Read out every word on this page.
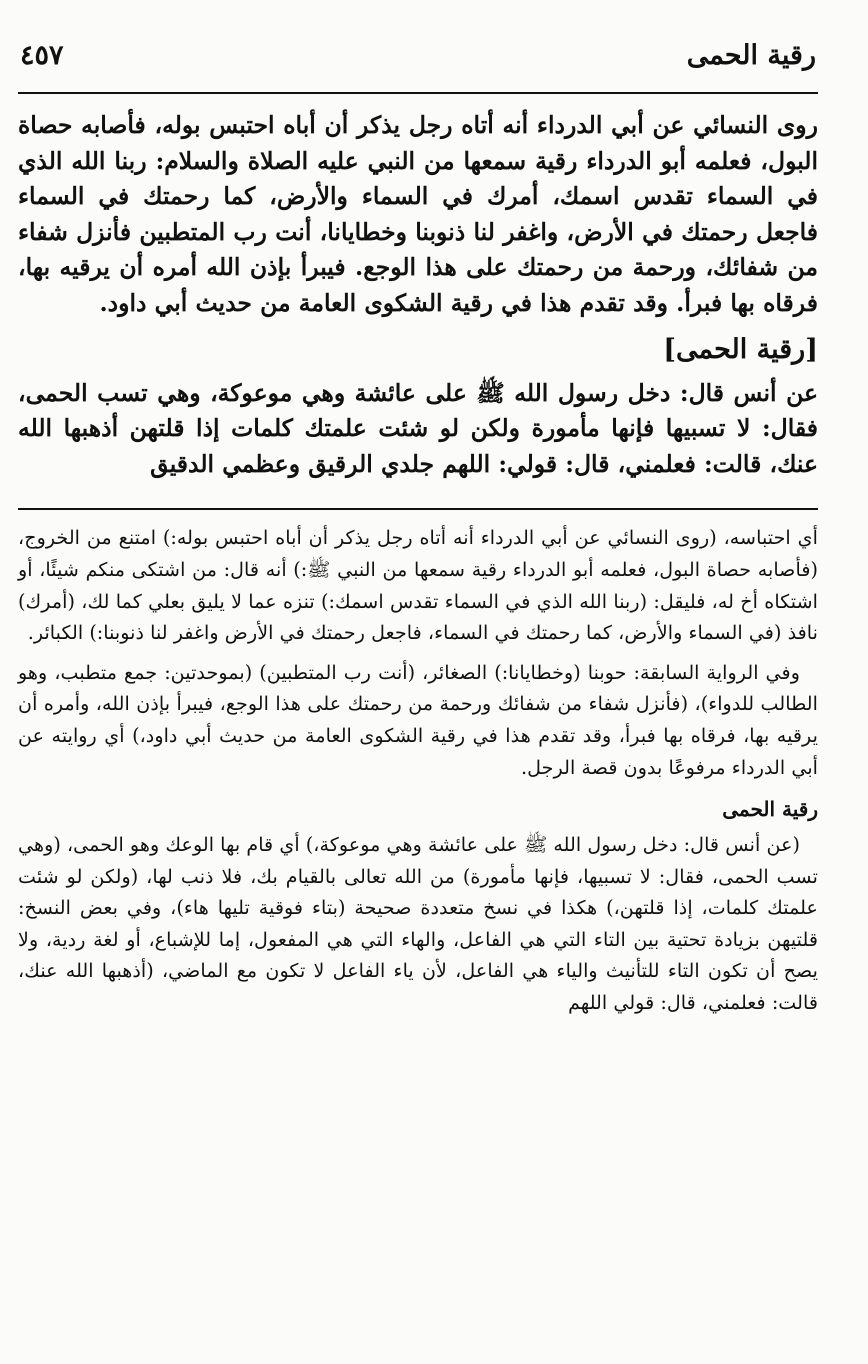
رقية الحمى
٤٥٧

روى النسائي عن أبي الدرداء أنه أتاه رجل يذكر أن أباه احتبس بوله، فأصابه حصاة البول، فعلمه أبو الدرداء رقية سمعها من النبي عليه الصلاة والسلام: ربنا الله الذي في السماء تقدس اسمك، أمرك في السماء والأرض، كما رحمتك في السماء فاجعل رحمتك في الأرض، واغفر لنا ذنوبنا وخطايانا، أنت رب المتطبين فأنزل شفاء من شفائك، ورحمة من رحمتك على هذا الوجع. فيبرأ بإذن الله أمره أن يرقيه بها، فرقاه بها فبرأ. وقد تقدم هذا في رقية الشكوى العامة من حديث أبي داود.

[رقية الحمى]

عن أنس قال: دخل رسول الله ﷺ على عائشة وهي موعوكة، وهي تسب الحمى، فقال: لا تسبيها فإنها مأمورة ولكن لو شئت علمتك كلمات إذا قلتهن أذهبها الله عنك، قالت: فعلمني، قال: قولي: اللهم جلدي الرقيق وعظمي الدقيق

أي احتباسه، (روى النسائي عن أبي الدرداء أنه أتاه رجل يذكر أن أباه احتبس بوله:) امتنع من الخروج، (فأصابه حصاة البول، فعلمه أبو الدرداء رقية سمعها من النبي ﷺ:) أنه قال: من اشتكى منكم شيئًا، أو اشتكاه أخ له، فليقل: (ربنا الله الذي في السماء تقدس اسمك:) تنزه عما لا يليق بعلي كما لك، (أمرك) نافذ (في السماء والأرض، كما رحمتك في السماء، فاجعل رحمتك في الأرض واغفر لنا ذنوبنا:) الكبائر.

وفي الرواية السابقة: حوبنا (وخطايانا:) الصغائر، (أنت رب المتطبين) (بموحدتين: جمع متطبب، وهو الطالب للدواء)، (فأنزل شفاء من شفائك ورحمة من رحمتك على هذا الوجع، فيبرأ بإذن الله، وأمره أن يرقيه بها، فرقاه بها فبرأ، وقد تقدم هذا في رقية الشكوى العامة من حديث أبي داود،) أي روايته عن أبي الدرداء مرفوعًا بدون قصة الرجل.

رقية الحمى

(عن أنس قال: دخل رسول الله ﷺ على عائشة وهي موعوكة،) أي قام بها الوعك وهو الحمى، (وهي تسب الحمى، فقال: لا تسبيها، فإنها مأمورة) من الله تعالى بالقيام بك، فلا ذنب لها، (ولكن لو شئت علمتك كلمات، إذا قلتهن،) هكذا في نسخ متعددة صحيحة (بتاء فوقية تليها هاء)، وفي بعض النسخ: قلتيهن بزيادة تحتية بين التاء التي هي الفاعل، والهاء التي هي المفعول، إما للإشباع، أو لغة ردية، ولا يصح أن تكون التاء للتأنيث والياء هي الفاعل، لأن ياء الفاعل لا تكون مع الماضي، (أذهبها الله عنك، قالت: فعلمني، قال: قولي اللهم
